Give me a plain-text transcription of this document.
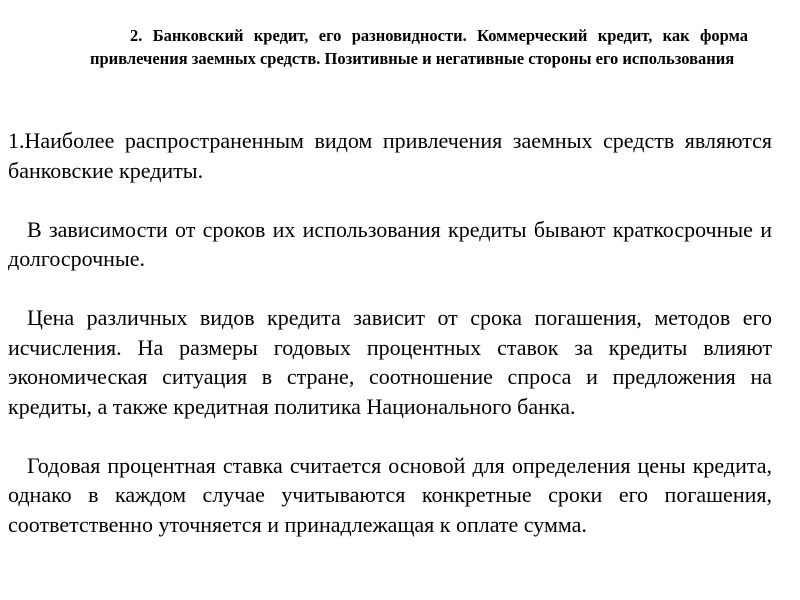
2. Банковский кредит, его разновидности. Коммерческий кредит, как форма привлечения заемных средств. Позитивные и негативные стороны его использования

1.Наиболее распространенным видом привлечения заемных средств являются банковские кредиты.

В зависимости от сроков их использования кредиты бывают краткосрочные и долгосрочные.

Цена различных видов кредита зависит от срока погашения, методов его исчисления. На размеры годовых процентных ставок за кредиты влияют экономическая ситуация в стране, соотношение спроса и предложения на кредиты, а также кредитная политика Национального банка.

Годовая процентная ставка считается основой для определения цены кредита, однако в каждом случае учитываются конкретные сроки его погашения, соответственно уточняется и принадлежащая к оплате сумма.
